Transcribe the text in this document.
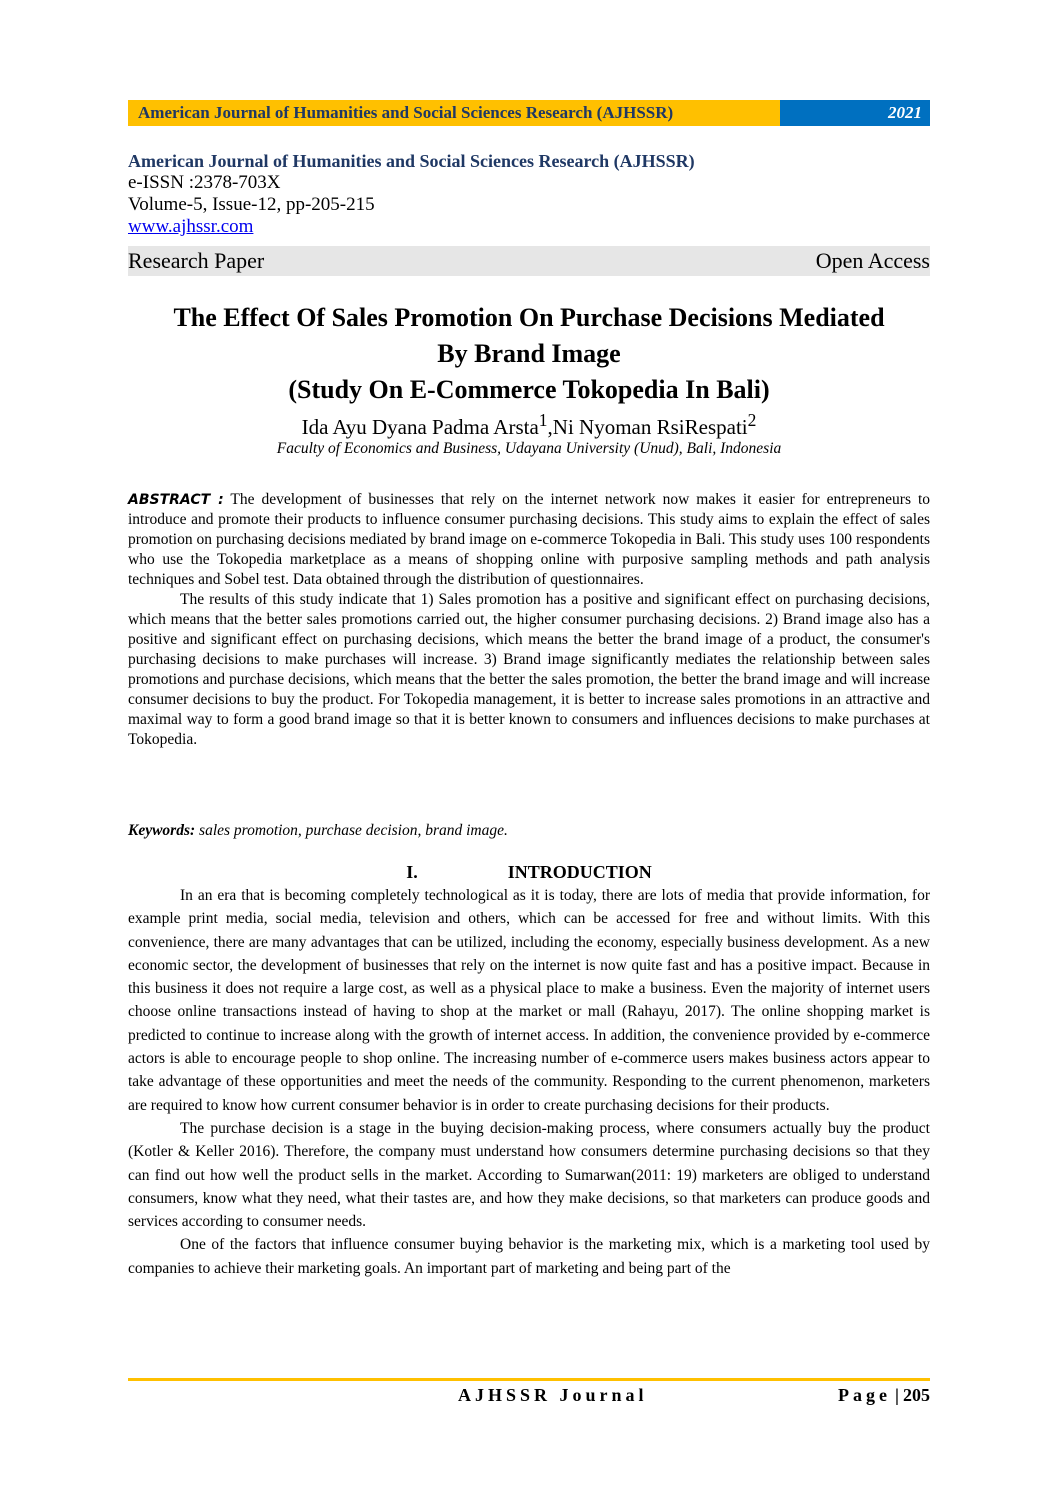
American Journal of Humanities and Social Sciences Research (AJHSSR)	2021
American Journal of Humanities and Social Sciences Research (AJHSSR)
e-ISSN :2378-703X
Volume-5, Issue-12, pp-205-215
www.ajhssr.com
Research Paper	Open Access
The Effect Of Sales Promotion On Purchase Decisions Mediated
By Brand Image
(Study On E-Commerce Tokopedia In Bali)
Ida Ayu Dyana Padma Arsta$^1$,Ni Nyoman RsiRespati$^2$
Faculty of Economics and Business, Udayana University (Unud), Bali, Indonesia
ABSTRACT : The development of businesses that rely on the internet network now makes it easier for entrepreneurs to introduce and promote their products to influence consumer purchasing decisions. This study aims to explain the effect of sales promotion on purchasing decisions mediated by brand image on e-commerce Tokopedia in Bali. This study uses 100 respondents who use the Tokopedia marketplace as a means of shopping online with purposive sampling methods and path analysis techniques and Sobel test. Data obtained through the distribution of questionnaires.
The results of this study indicate that 1) Sales promotion has a positive and significant effect on purchasing decisions, which means that the better sales promotions carried out, the higher consumer purchasing decisions. 2) Brand image also has a positive and significant effect on purchasing decisions, which means the better the brand image of a product, the consumer's purchasing decisions to make purchases will increase. 3) Brand image significantly mediates the relationship between sales promotions and purchase decisions, which means that the better the sales promotion, the better the brand image and will increase consumer decisions to buy the product. For Tokopedia management, it is better to increase sales promotions in an attractive and maximal way to form a good brand image so that it is better known to consumers and influences decisions to make purchases at Tokopedia.
Keywords: sales promotion, purchase decision, brand image.
I.	INTRODUCTION
In an era that is becoming completely technological as it is today, there are lots of media that provide information, for example print media, social media, television and others, which can be accessed for free and without limits. With this convenience, there are many advantages that can be utilized, including the economy, especially business development. As a new economic sector, the development of businesses that rely on the internet is now quite fast and has a positive impact. Because in this business it does not require a large cost, as well as a physical place to make a business. Even the majority of internet users choose online transactions instead of having to shop at the market or mall (Rahayu, 2017). The online shopping market is predicted to continue to increase along with the growth of internet access. In addition, the convenience provided by e-commerce actors is able to encourage people to shop online. The increasing number of e-commerce users makes business actors appear to take advantage of these opportunities and meet the needs of the community. Responding to the current phenomenon, marketers are required to know how current consumer behavior is in order to create purchasing decisions for their products.
The purchase decision is a stage in the buying decision-making process, where consumers actually buy the product (Kotler & Keller 2016). Therefore, the company must understand how consumers determine purchasing decisions so that they can find out how well the product sells in the market. According to Sumarwan(2011: 19) marketers are obliged to understand consumers, know what they need, what their tastes are, and how they make decisions, so that marketers can produce goods and services according to consumer needs.
One of the factors that influence consumer buying behavior is the marketing mix, which is a marketing tool used by companies to achieve their marketing goals. An important part of marketing and being part of the
AJHSSR Journal	Page | 205
